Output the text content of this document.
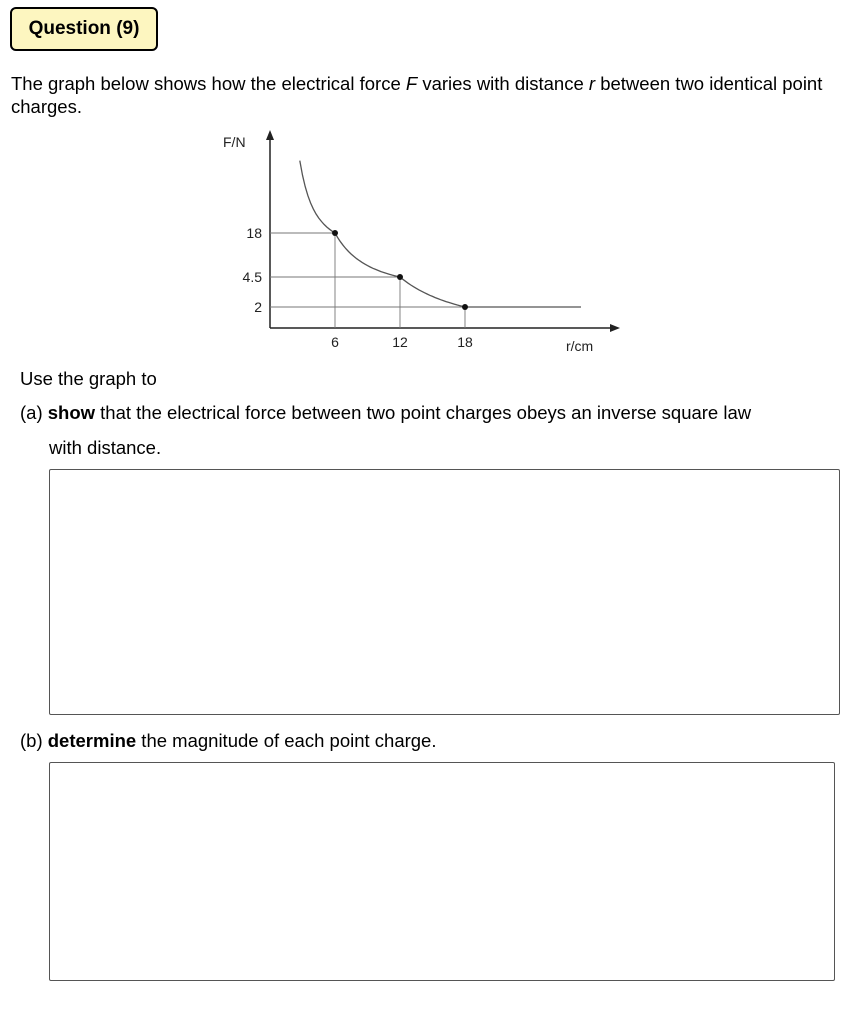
Question (9)
The graph below shows how the electrical force F varies with distance r between two identical point charges.
F/N
r/cm
18
4.5
2
6	12	18
Use the graph to
(a) show that the electrical force between two point charges obeys an inverse square law
with distance.
(b) determine the magnitude of each point charge.
